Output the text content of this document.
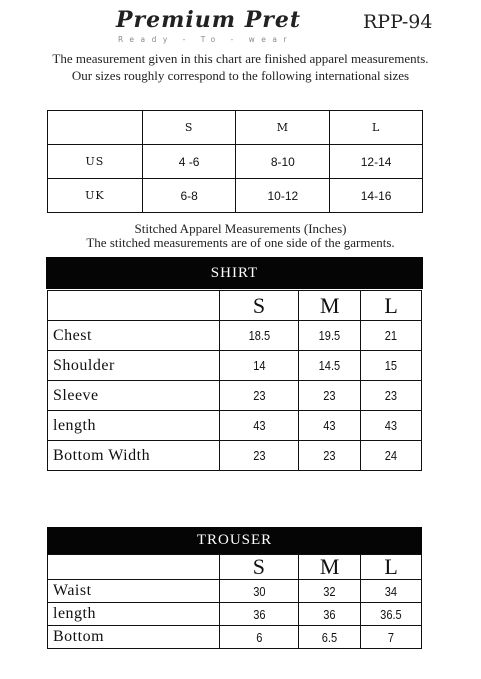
Premium Pret
Ready - To - wear
RPP-94
The measurement given in this chart are finished apparel measurements.
Our sizes roughly correspond to the following international sizes
	S	M	L
US	4 -6	8-10	12-14
UK	6-8	10-12	14-16
Stitched Apparel Measurements (Inches)
The stitched measurements are of one side of the garments.
SHIRT
	S	M	L
Chest	18.5	19.5	21

Shoulder	14	14.5	15

Sleeve	23	23	23

length	43	43	43

Bottom Width	23	23	24
TROUSER
	S	M	L
Waist	30	32	34

length	36	36	36.5

Bottom	6	6.5	7
